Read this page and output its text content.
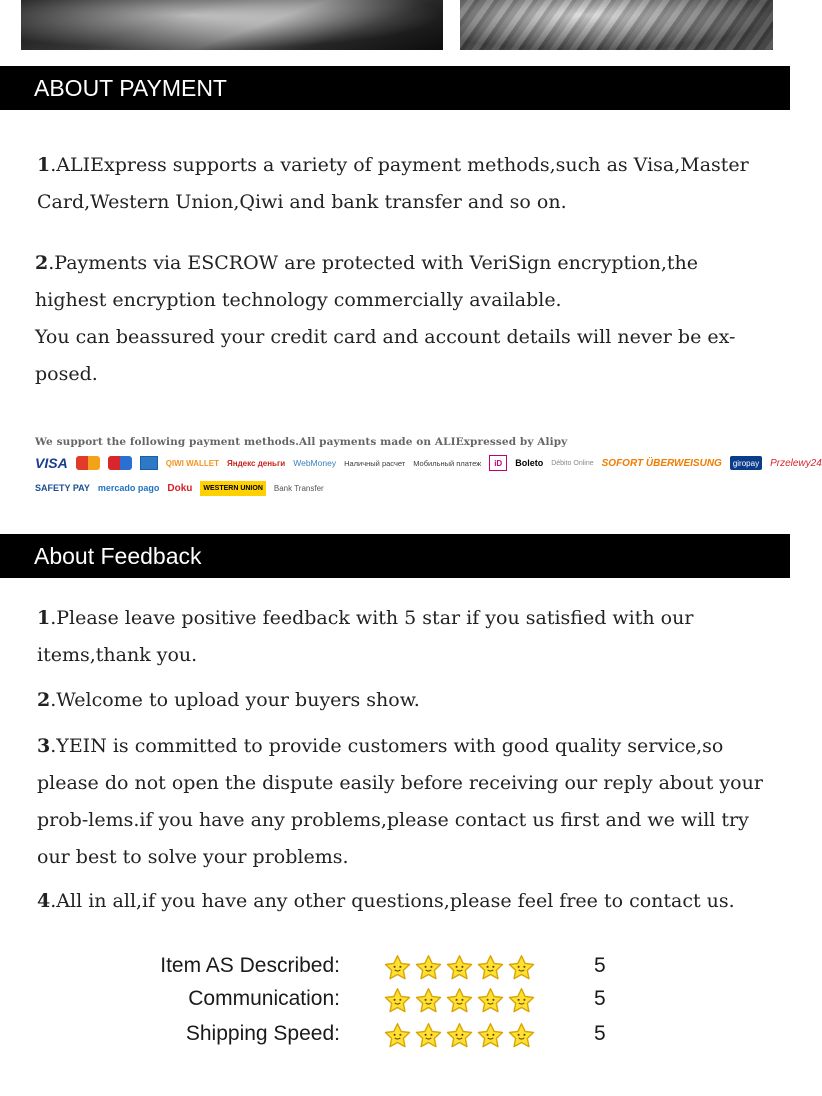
ABOUT PAYMENT
1.ALIExpress supports a variety of payment methods,such as Visa,Master Card,Western Union,Qiwi and bank transfer and so on.
2.Payments via ESCROW are protected with VeriSign encryption,the highest encryption technology commercially available.
You can beassured your credit card and account details will never be ex-posed.
We support the following payment methods.All payments made on ALIExpressed by Alipy
VISA	QIWI WALLET Яндекс деньги WebMoney Наличный расчет Мобильный платеж	iD	Boleto Débito Online SOFORT ÜBERWEISUNG	giropay	Przelewy24
SAFETY PAY mercado pago Doku	WESTERN UNION	Bank Transfer
About Feedback
1.Please leave positive feedback with 5 star if you satisfied with our items,thank you.
2.Welcome to upload your buyers show.
3.YEIN is committed to provide customers with good quality service,so please do not open the dispute easily before receiving our reply about your prob-lems.if you have any problems,please contact us first and we will try our best to solve your problems.
4.All in all,if you have any other questions,please feel free to contact us.
Item AS Described:	5
Communication:	5
Shipping Speed:	5
